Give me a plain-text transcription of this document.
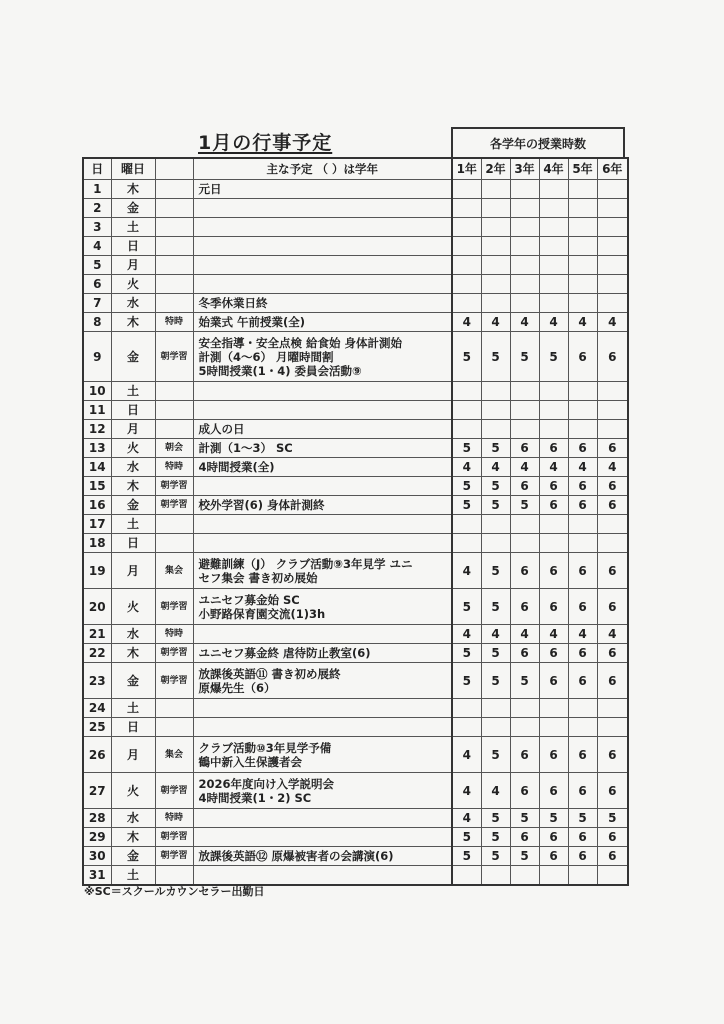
1月の行事予定	各学年の授業時数
日	曜日		主な予定 （ ）は学年	1年	2年	3年	4年	5年	6年
1	木		元日						
2	金								
3	土								
4	日								
5	月								
6	火								
7	水		冬季休業日終						
8	木	特時	始業式 午前授業(全)	4	4	4	4	4	4
9	金	朝学習	安全指導・安全点検 給食始 身体計測始
計測（4～6） 月曜時間割
5時間授業(1・4) 委員会活動⑨	5	5	5	5	6	6
10	土								
11	日								
12	月		成人の日						
13	火	朝会	計測（1～3） SC	5	5	6	6	6	6
14	水	特時	4時間授業(全)	4	4	4	4	4	4
15	木	朝学習		5	5	6	6	6	6
16	金	朝学習	校外学習(6) 身体計測終	5	5	5	6	6	6
17	土								
18	日								
19	月	集会	避難訓練（J） クラブ活動⑨3年見学 ユニ
セフ集会 書き初め展始	4	5	6	6	6	6
20	火	朝学習	ユニセフ募金始 SC
小野路保育園交流(1)3h	5	5	6	6	6	6
21	水	特時		4	4	4	4	4	4
22	木	朝学習	ユニセフ募金終 虐待防止教室(6)	5	5	6	6	6	6
23	金	朝学習	放課後英語⑪ 書き初め展終
原爆先生（6）	5	5	5	6	6	6
24	土								
25	日								
26	月	集会	クラブ活動⑩3年見学予備
鶴中新入生保護者会	4	5	6	6	6	6
27	火	朝学習	2026年度向け入学説明会
4時間授業(1・2) SC	4	4	6	6	6	6
28	水	特時		4	5	5	5	5	5
29	木	朝学習		5	5	6	6	6	6
30	金	朝学習	放課後英語⑫ 原爆被害者の会講演(6)	5	5	5	6	6	6
31	土								
※SC＝スクールカウンセラー出勤日
